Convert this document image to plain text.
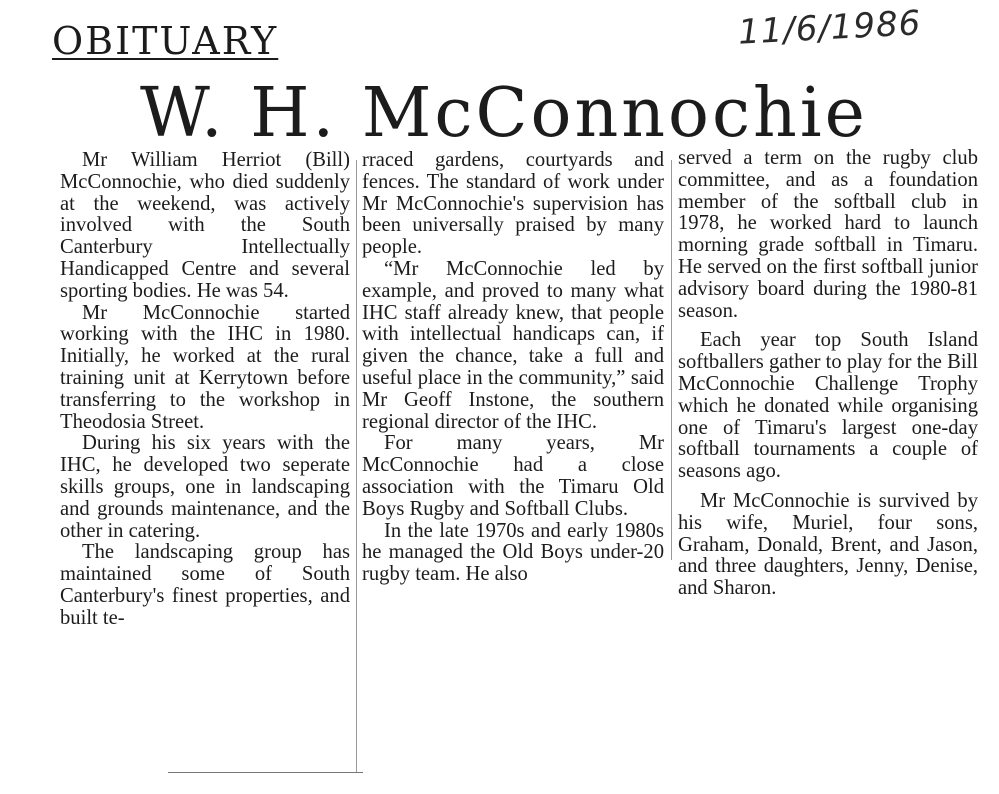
OBITUARY	11/6/1986
W. H. McConnochie

Mr William Herriot (Bill) McConnochie, who died suddenly at the weekend, was actively involved with the South Canterbury Intellectually Handicapped Centre and several sporting bodies. He was 54.

Mr McConnochie started working with the IHC in 1980. Initially, he worked at the rural training unit at Kerrytown before transferring to the workshop in Theodosia Street.

During his six years with the IHC, he developed two seperate skills groups, one in landscaping and grounds maintenance, and the other in catering.

The landscaping group has maintained some of South Canterbury's finest properties, and built te-

rraced gardens, courtyards and fences. The standard of work under Mr McConnochie's supervision has been universally praised by many people.

“Mr McConnochie led by example, and proved to many what IHC staff already knew, that people with intellectual handicaps can, if given the chance, take a full and useful place in the community,” said Mr Geoff Instone, the southern regional director of the IHC.

For many years, Mr McConnochie had a close association with the Timaru Old Boys Rugby and Softball Clubs.

In the late 1970s and early 1980s he managed the Old Boys under-20 rugby team. He also

served a term on the rugby club committee, and as a foundation member of the softball club in 1978, he worked hard to launch morning grade softball in Timaru. He served on the first softball junior advisory board during the 1980-81 season.

Each year top South Island softballers gather to play for the Bill McConnochie Challenge Trophy which he donated while organising one of Timaru's largest one-day softball tournaments a couple of seasons ago.

Mr McConnochie is survived by his wife, Muriel, four sons, Graham, Donald, Brent, and Jason, and three daughters, Jenny, Denise, and Sharon.
